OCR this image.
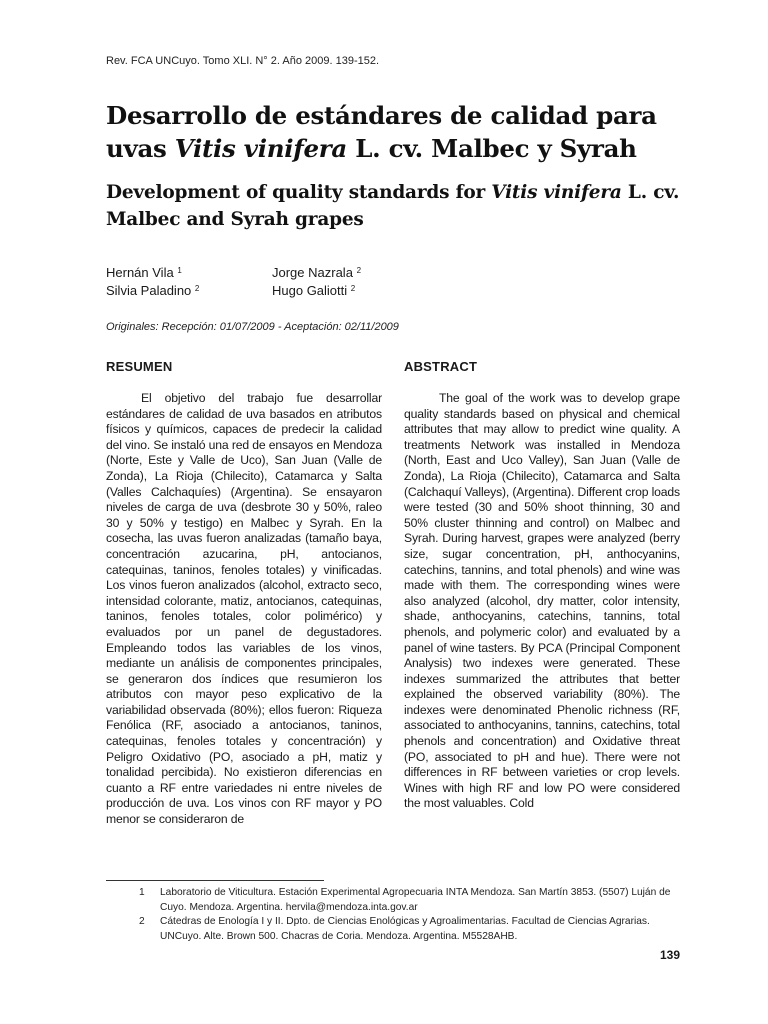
Rev. FCA UNCuyo. Tomo XLI. N° 2. Año 2009. 139-152.
Desarrollo de estándares de calidad para uvas Vitis vinifera L. cv. Malbec y Syrah
Development of quality standards for Vitis vinifera L. cv. Malbec and Syrah grapes
Hernán Vila $^1$	Jorge Nazrala $^2$
Silvia Paladino $^2$	Hugo Galiotti $^2$
Originales: Recepción: 01/07/2009 - Aceptación: 02/11/2009
RESUMEN	ABSTRACT

El objetivo del trabajo fue desarrollar estándares de calidad de uva basados en atributos físicos y químicos, capaces de predecir la calidad del vino. Se instaló una red de ensayos en Mendoza (Norte, Este y Valle de Uco), San Juan (Valle de Zonda), La Rioja (Chilecito), Catamarca y Salta (Valles Calchaquíes) (Argentina). Se ensayaron niveles de carga de uva (desbrote 30 y 50%, raleo 30 y 50% y testigo) en Malbec y Syrah. En la cosecha, las uvas fueron analizadas (tamaño baya, concentración azucarina, pH, antocianos, catequinas, taninos, fenoles totales) y vinificadas. Los vinos fueron analizados (alcohol, extracto seco, intensidad colorante, matiz, antocianos, catequinas, taninos, fenoles totales, color polimérico) y evaluados por un panel de degustadores. Empleando todos las variables de los vinos, mediante un análisis de componentes principales, se generaron dos índices que resumieron los atributos con mayor peso explicativo de la variabilidad observada (80%); ellos fueron: Riqueza Fenólica (RF, asociado a antocianos, taninos, catequinas, fenoles totales y concentración) y Peligro Oxidativo (PO, asociado a pH, matiz y tonalidad percibida). No existieron diferencias en cuanto a RF entre variedades ni entre niveles de producción de uva. Los vinos con RF mayor y PO menor se consideraron de

The goal of the work was to develop grape quality standards based on physical and chemical attributes that may allow to predict wine quality. A treatments Network was installed in Mendoza (North, East and Uco Valley), San Juan (Valle de Zonda), La Rioja (Chilecito), Catamarca and Salta (Calchaquí Valleys), (Argentina). Different crop loads were tested (30 and 50% shoot thinning, 30 and 50% cluster thinning and control) on Malbec and Syrah. During harvest, grapes were analyzed (berry size, sugar concentration, pH, anthocyanins, catechins, tannins, and total phenols) and wine was made with them. The corresponding wines were also analyzed (alcohol, dry matter, color intensity, shade, anthocyanins, catechins, tannins, total phenols, and polymeric color) and evaluated by a panel of wine tasters. By PCA (Principal Component Analysis) two indexes were generated. These indexes summarized the attributes that better explained the observed variability (80%). The indexes were denominated Phenolic richness (RF, associated to anthocyanins, tannins, catechins, total phenols and concentration) and Oxidative threat (PO, associated to pH and hue). There were not differences in RF between varieties or crop levels. Wines with high RF and low PO were considered the most valuables. Cold

1 Laboratorio de Viticultura. Estación Experimental Agropecuaria INTA Mendoza. San Martín 3853. (5507) Luján de Cuyo. Mendoza. Argentina. hervila@mendoza.inta.gov.ar
2 Cátedras de Enología I y II. Dpto. de Ciencias Enológicas y Agroalimentarias. Facultad de Ciencias Agrarias. UNCuyo. Alte. Brown 500. Chacras de Coria. Mendoza. Argentina. M5528AHB.
139
